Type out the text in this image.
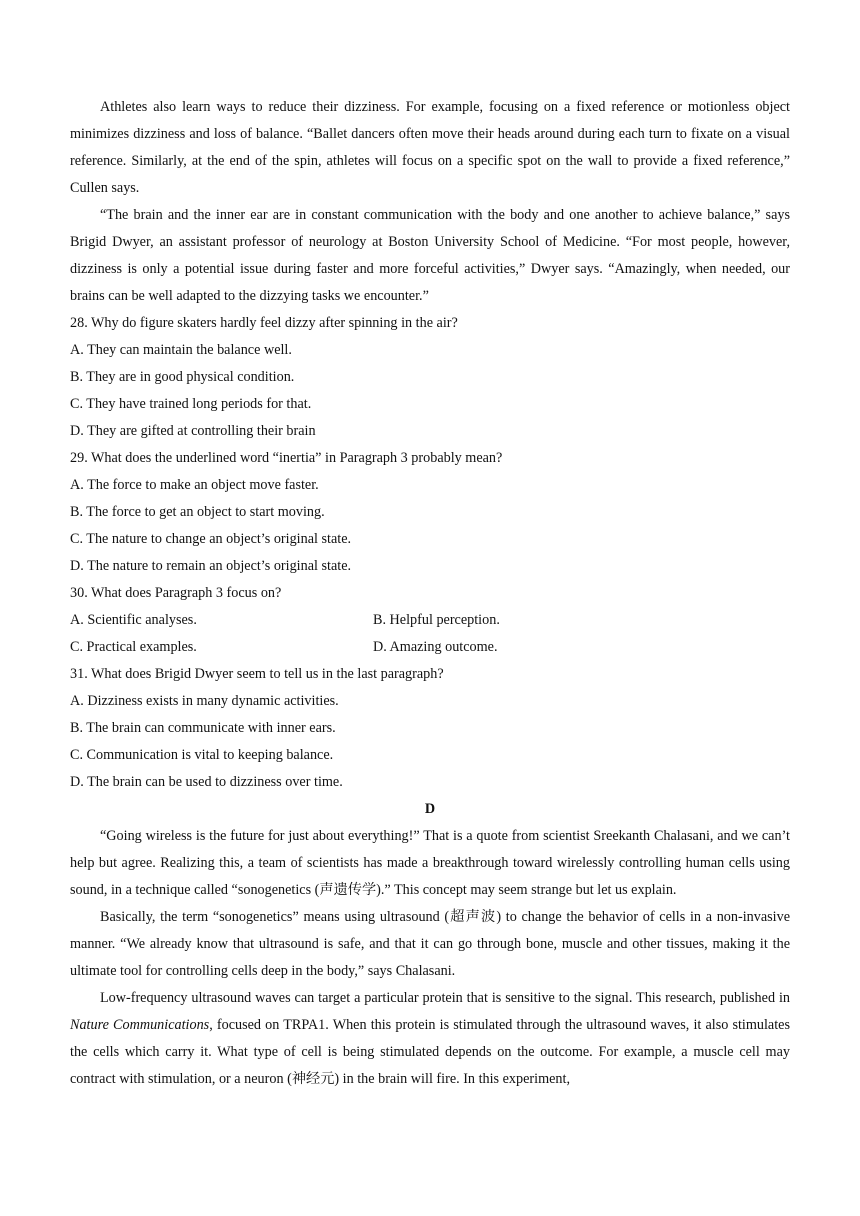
Athletes also learn ways to reduce their dizziness. For example, focusing on a fixed reference or motionless object minimizes dizziness and loss of balance. “Ballet dancers often move their heads around during each turn to fixate on a visual reference. Similarly, at the end of the spin, athletes will focus on a specific spot on the wall to provide a fixed reference,” Cullen says.

“The brain and the inner ear are in constant communication with the body and one another to achieve balance,” says Brigid Dwyer, an assistant professor of neurology at Boston University School of Medicine. “For most people, however, dizziness is only a potential issue during faster and more forceful activities,” Dwyer says. “Amazingly, when needed, our brains can be well adapted to the dizzying tasks we encounter.”

28. Why do figure skaters hardly feel dizzy after spinning in the air?

A. They can maintain the balance well.

B. They are in good physical condition.

C. They have trained long periods for that.

D. They are gifted at controlling their brain

29. What does the underlined word “inertia” in Paragraph 3 probably mean?

A. The force to make an object move faster.

B. The force to get an object to start moving.

C. The nature to change an object’s original state.

D. The nature to remain an object’s original state.

30. What does Paragraph 3 focus on?

A. Scientific analyses.	B. Helpful perception.
C. Practical examples.	D. Amazing outcome.

31. What does Brigid Dwyer seem to tell us in the last paragraph?

A. Dizziness exists in many dynamic activities.

B. The brain can communicate with inner ears.

C. Communication is vital to keeping balance.

D. The brain can be used to dizziness over time.

D

“Going wireless is the future for just about everything!” That is a quote from scientist Sreekanth Chalasani, and we can’t help but agree. Realizing this, a team of scientists has made a breakthrough toward wirelessly controlling human cells using sound, in a technique called “sonogenetics (声遗传学).” This concept may seem strange but let us explain.

Basically, the term “sonogenetics” means using ultrasound (超声波) to change the behavior of cells in a non-invasive manner. “We already know that ultrasound is safe, and that it can go through bone, muscle and other tissues, making it the ultimate tool for controlling cells deep in the body,” says Chalasani.

Low-frequency ultrasound waves can target a particular protein that is sensitive to the signal. This research, published in Nature Communications, focused on TRPA1. When this protein is stimulated through the ultrasound waves, it also stimulates the cells which carry it. What type of cell is being stimulated depends on the outcome. For example, a muscle cell may contract with stimulation, or a neuron (神经元) in the brain will fire. In this experiment,
